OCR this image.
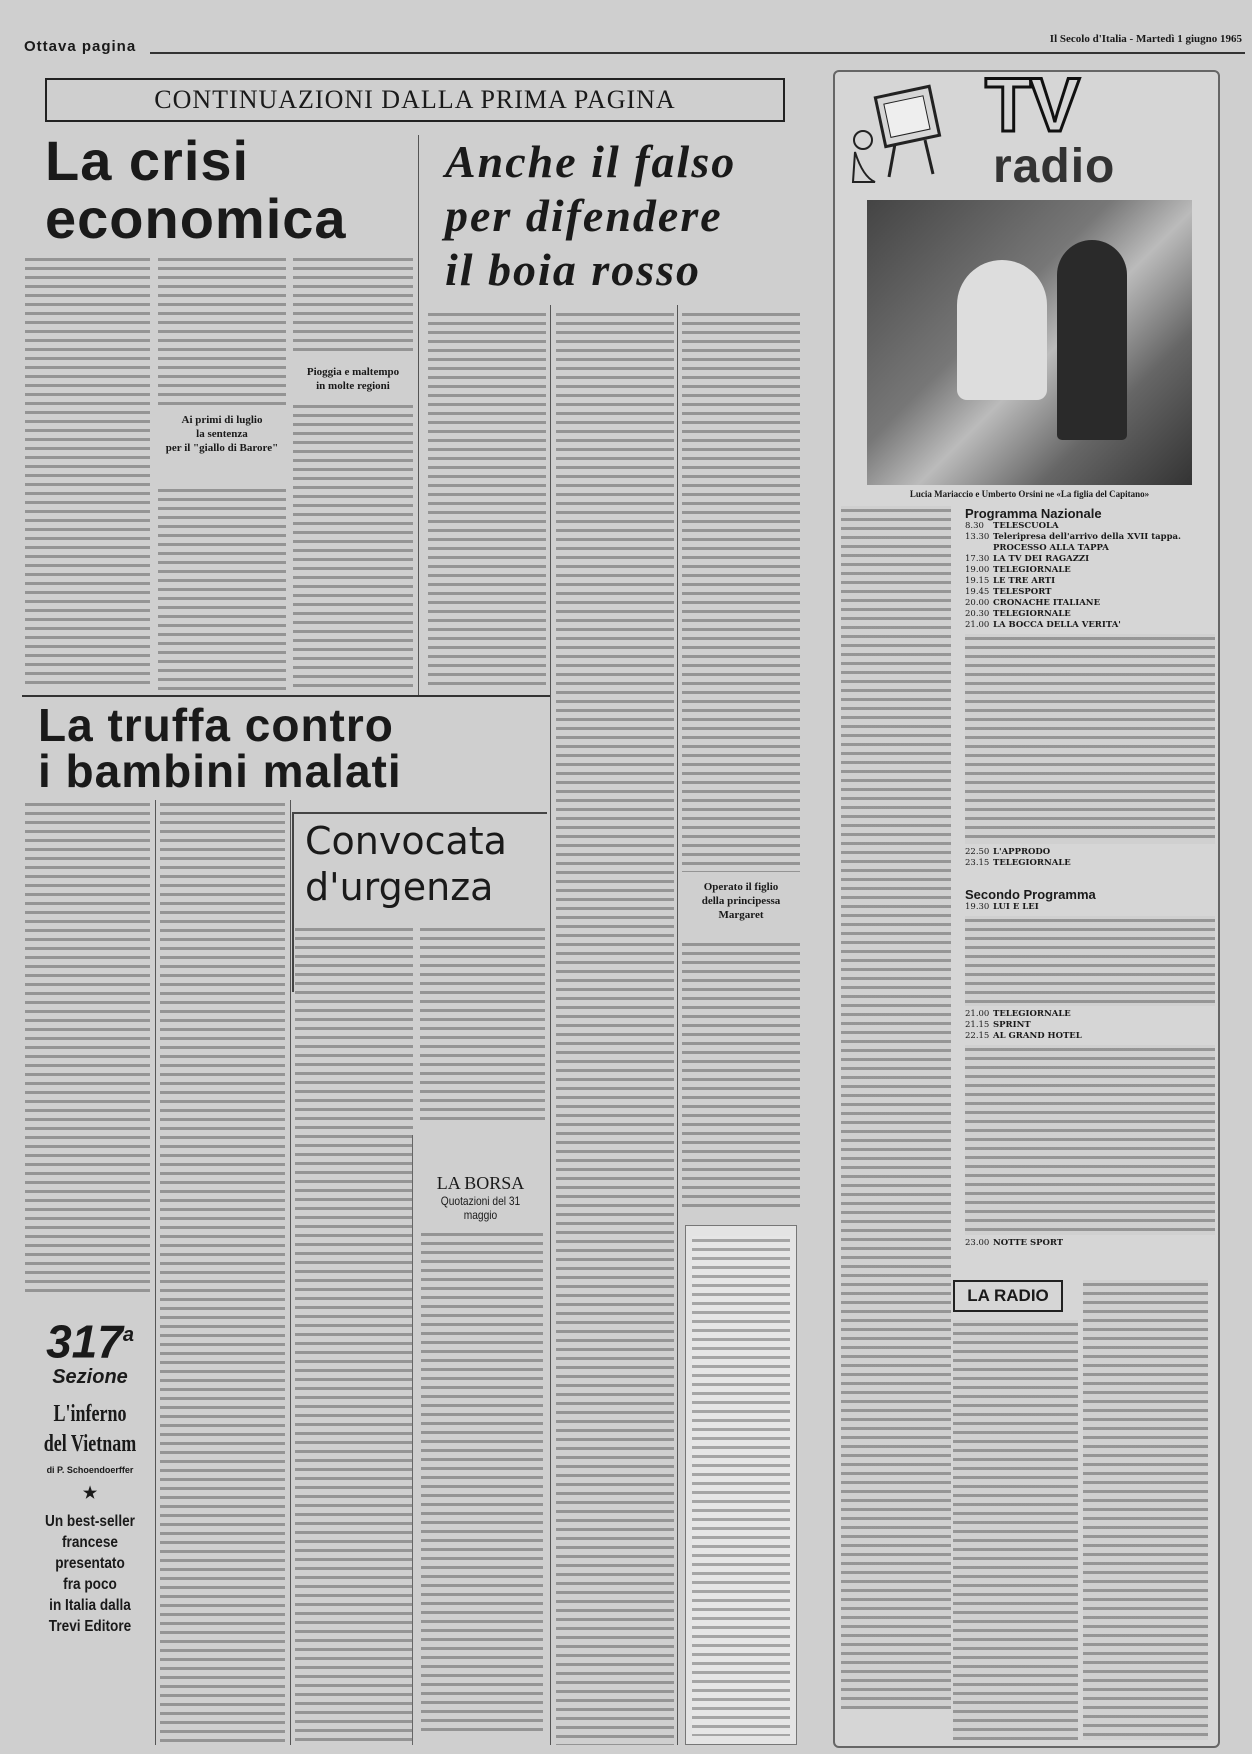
Ottava pagina	Il Secolo d'Italia - Martedì 1 giugno 1965
CONTINUAZIONI DALLA PRIMA PAGINA
La crisi
economica
Ai primi di luglio
la sentenza
per il "giallo di Barore"
Pioggia e maltempo
in molte regioni
Anche il falso
per difendere
il boia rosso
Operato il figlio
della principessa Margaret
La truffa contro
i bambini malati
317$^a$
Sezione
L'inferno
del Vietnam
di P. Schoendoerffer
★
Un best-seller
francese
presentato
fra poco
in Italia dalla
Trevi Editore
Convocata
d'urgenza
LA BORSA
Quotazioni del 31 maggio
TV
radio
Lucia Mariaccio e Umberto Orsini ne «La figlia del Capitano»
Programma Nazionale
8.30	TELESCUOLA
13.30 Teleripresa dell'arrivo della XVII tappa. PROCESSO ALLA TAPPA
17.30 LA TV DEI RAGAZZI
19.00 TELEGIORNALE
19.15 LE TRE ARTI
19.45 TELESPORT
20.00 CRONACHE ITALIANE
20.30 TELEGIORNALE
21.00 LA BOCCA DELLA VERITA'
22.50 L'APPRODO
23.15 TELEGIORNALE
Secondo Programma
19.30 LUI E LEI
21.00 TELEGIORNALE
21.15 SPRINT
22.15 AL GRAND HOTEL
23.00 NOTTE SPORT
LA RADIO
